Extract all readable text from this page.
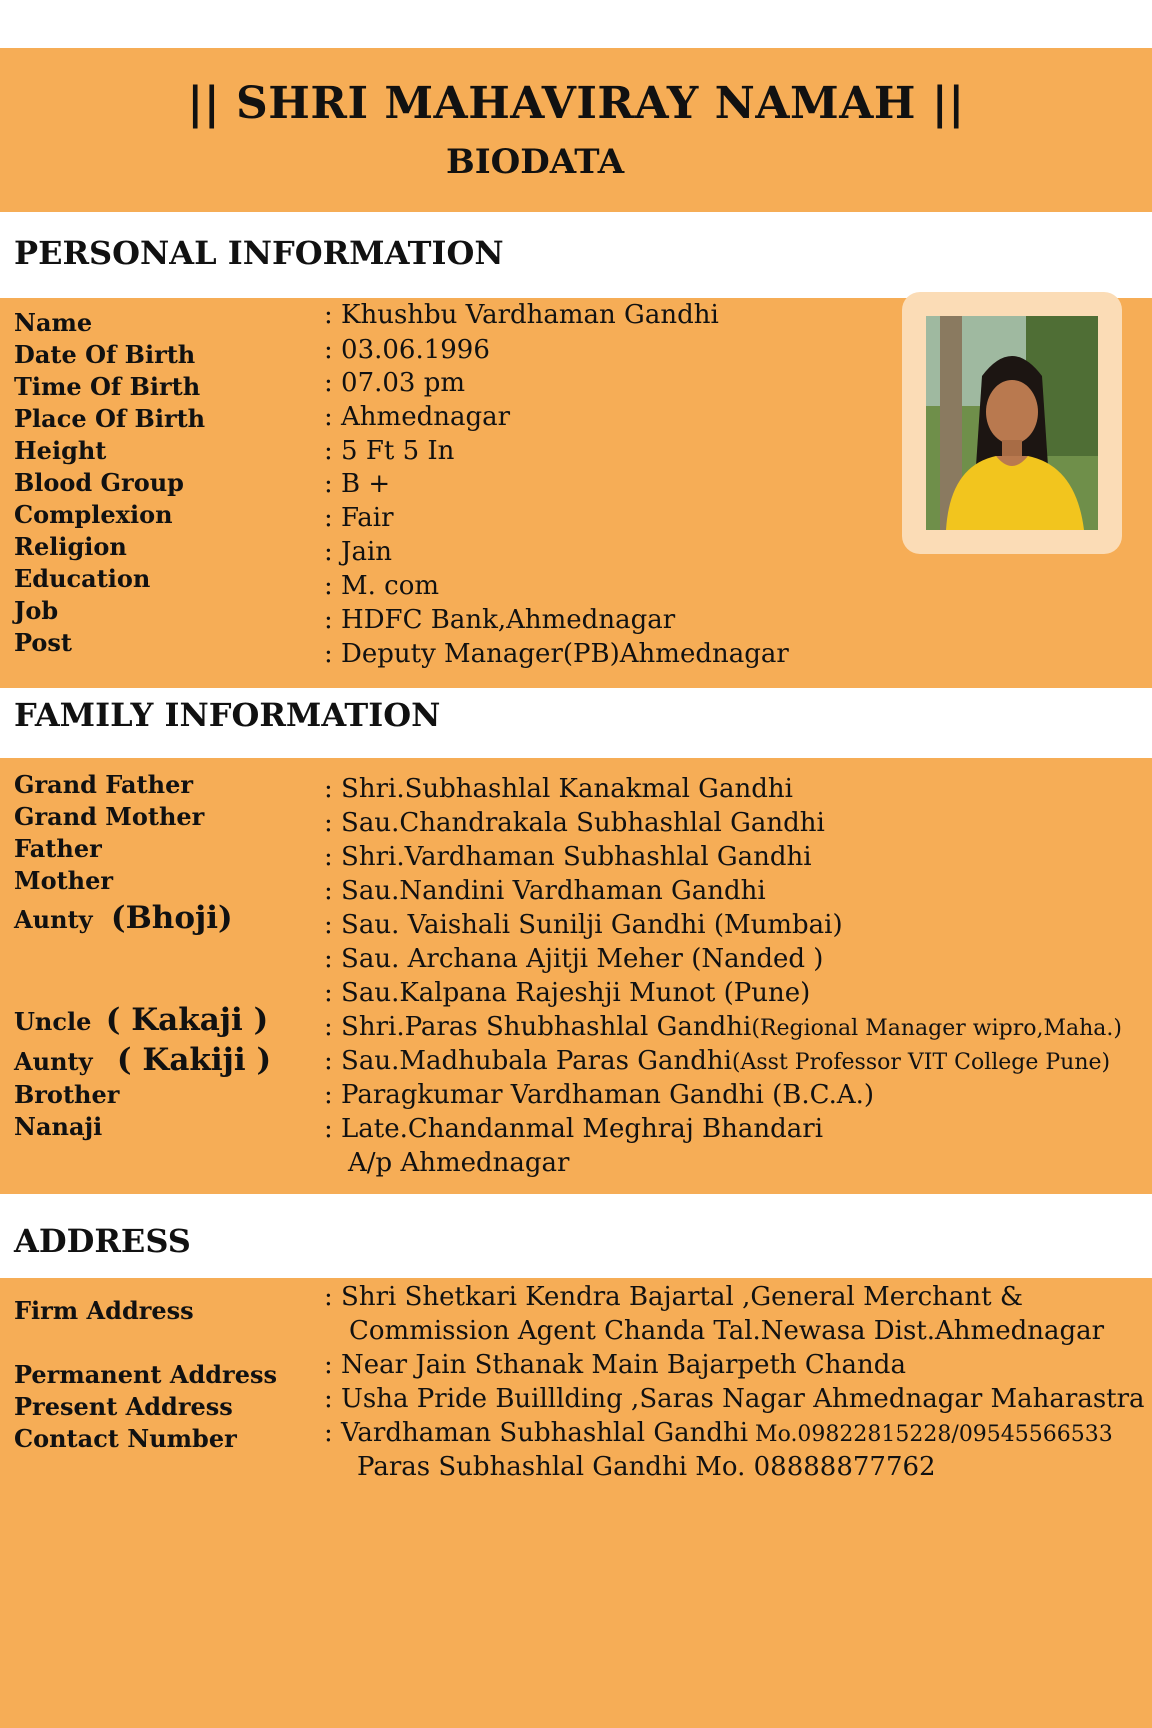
|| SHRI MAHAVIRAY NAMAH ||
BIODATA
PERSONAL INFORMATION
Name
Date Of Birth
Time Of Birth
Place Of Birth
Height
Blood Group
Complexion
Religion
Education
Job
Post
: Khushbu Vardhaman Gandhi
: 03.06.1996
: 07.03 pm
: Ahmednagar
: 5 Ft 5 In
: B +
: Fair
: Jain
: M. com
: HDFC Bank,Ahmednagar
: Deputy Manager(PB)Ahmednagar
FAMILY INFORMATION
Grand Father
Grand Mother
Father
Mother
Aunty (Bhoji)
Uncle ( Kakaji )
Aunty ( Kakiji )
Brother
Nanaji
: Shri.Subhashlal Kanakmal Gandhi
: Sau.Chandrakala Subhashlal Gandhi
: Shri.Vardhaman Subhashlal Gandhi
: Sau.Nandini Vardhaman Gandhi
: Sau. Vaishali Sunilji Gandhi (Mumbai)
: Sau. Archana Ajitji Meher (Nanded )
: Sau.Kalpana Rajeshji Munot (Pune)
: Shri.Paras Shubhashlal Gandhi(Regional Manager wipro,Maha.)
: Sau.Madhubala Paras Gandhi(Asst Professor VIT College Pune)
: Paragkumar Vardhaman Gandhi (B.C.A.)
: Late.Chandanmal Meghraj Bhandari
A/p Ahmednagar
ADDRESS
Firm Address
Permanent Address
Present Address
Contact Number
: Shri Shetkari Kendra Bajartal ,General Merchant &
Commission Agent Chanda Tal.Newasa Dist.Ahmednagar
: Near Jain Sthanak Main Bajarpeth Chanda
: Usha Pride Builllding ,Saras Nagar Ahmednagar Maharastra
: Vardhaman Subhashlal Gandhi Mo.09822815228/09545566533
Paras Subhashlal Gandhi Mo. 08888877762
